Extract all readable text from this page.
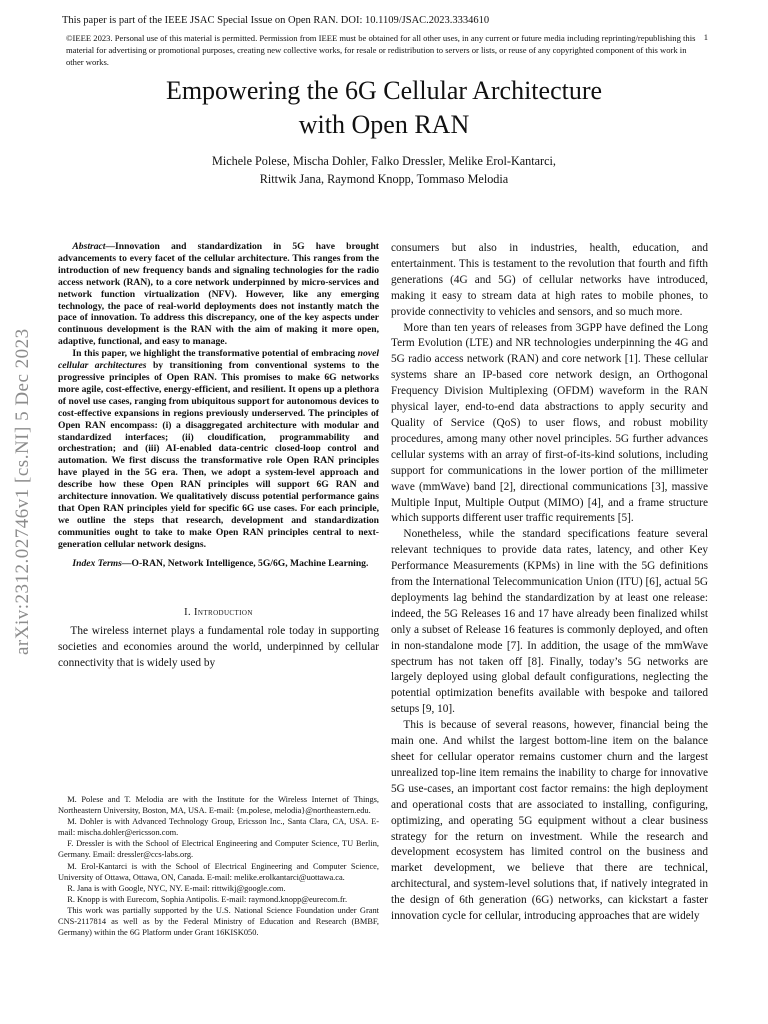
This paper is part of the IEEE JSAC Special Issue on Open RAN. DOI: 10.1109/JSAC.2023.3334610
©IEEE 2023. Personal use of this material is permitted. Permission from IEEE must be obtained for all other uses, in any current or future media including reprinting/republishing this material for advertising or promotional purposes, creating new collective works, for resale or redistribution to servers or lists, or reuse of any copyrighted component of this work in other works.
1
Empowering the 6G Cellular Architecture
with Open RAN
Michele Polese, Mischa Dohler, Falko Dressler, Melike Erol-Kantarci,
Rittwik Jana, Raymond Knopp, Tommaso Melodia
arXiv:2312.02746v1 [cs.NI] 5 Dec 2023

Abstract—Innovation and standardization in 5G have brought advancements to every facet of the cellular architecture. This ranges from the introduction of new frequency bands and signaling technologies for the radio access network (RAN), to a core network underpinned by micro-services and network function virtualization (NFV). However, like any emerging technology, the pace of real-world deployments does not instantly match the pace of innovation. To address this discrepancy, one of the key aspects under continuous development is the RAN with the aim of making it more open, adaptive, functional, and easy to manage.

In this paper, we highlight the transformative potential of embracing novel cellular architectures by transitioning from conventional systems to the progressive principles of Open RAN. This promises to make 6G networks more agile, cost-effective, energy-efficient, and resilient. It opens up a plethora of novel use cases, ranging from ubiquitous support for autonomous devices to cost-effective expansions in regions previously underserved. The principles of Open RAN encompass: (i) a disaggregated architecture with modular and standardized interfaces; (ii) cloudification, programmability and orchestration; and (iii) AI-enabled data-centric closed-loop control and automation. We first discuss the transformative role Open RAN principles have played in the 5G era. Then, we adopt a system-level approach and describe how these Open RAN principles will support 6G RAN and architecture innovation. We qualitatively discuss potential performance gains that Open RAN principles yield for specific 6G use cases. For each principle, we outline the steps that research, development and standardization communities ought to take to make Open RAN principles central to next-generation cellular network designs.

Index Terms—O-RAN, Network Intelligence, 5G/6G, Machine Learning.
I. Introduction

The wireless internet plays a fundamental role today in supporting societies and economies around the world, underpinned by cellular connectivity that is widely used by

M. Polese and T. Melodia are with the Institute for the Wireless Internet of Things, Northeastern University, Boston, MA, USA. E-mail: {m.polese, melodia}@northeastern.edu.

M. Dohler is with Advanced Technology Group, Ericsson Inc., Santa Clara, CA, USA. E-mail: mischa.dohler@ericsson.com.

F. Dressler is with the School of Electrical Engineering and Computer Science, TU Berlin, Germany. Email: dressler@ccs-labs.org.

M. Erol-Kantarci is with the School of Electrical Engineering and Computer Science, University of Ottawa, Ottawa, ON, Canada. E-mail: melike.erolkantarci@uottawa.ca.

R. Jana is with Google, NYC, NY. E-mail: rittwikj@google.com.

R. Knopp is with Eurecom, Sophia Antipolis. E-mail: raymond.knopp@eurecom.fr.

This work was partially supported by the U.S. National Science Foundation under Grant CNS-2117814 as well as by the Federal Ministry of Education and Research (BMBF, Germany) within the 6G Platform under Grant 16KISK050.

consumers but also in industries, health, education, and entertainment. This is testament to the revolution that fourth and fifth generations (4G and 5G) of cellular networks have introduced, making it easy to stream data at high rates to mobile phones, to provide connectivity to vehicles and sensors, and so much more.

More than ten years of releases from 3GPP have defined the Long Term Evolution (LTE) and NR technologies underpinning the 4G and 5G radio access network (RAN) and core network [1]. These cellular systems share an IP-based core network design, an Orthogonal Frequency Division Multiplexing (OFDM) waveform in the RAN physical layer, end-to-end data abstractions to apply security and Quality of Service (QoS) to user flows, and robust mobility procedures, among many other novel principles. 5G further advances cellular systems with an array of first-of-its-kind solutions, including support for communications in the lower portion of the millimeter wave (mmWave) band [2], directional communications [3], massive Multiple Input, Multiple Output (MIMO) [4], and a frame structure which supports different user traffic requirements [5].

Nonetheless, while the standard specifications feature several relevant techniques to provide data rates, latency, and other Key Performance Measurements (KPMs) in line with the 5G definitions from the International Telecommunication Union (ITU) [6], actual 5G deployments lag behind the standardization by at least one release: indeed, the 5G Releases 16 and 17 have already been finalized whilst only a subset of Release 16 features is commonly deployed, and often in non-standalone mode [7]. In addition, the usage of the mmWave spectrum has not taken off [8]. Finally, today’s 5G networks are largely deployed using global default configurations, neglecting the potential optimization benefits available with bespoke and tailored setups [9, 10].

This is because of several reasons, however, financial being the main one. And whilst the largest bottom-line item on the balance sheet for cellular operator remains customer churn and the largest unrealized top-line item remains the inability to charge for innovative 5G use-cases, an important cost factor remains: the high deployment and operational costs that are associated to installing, configuring, optimizing, and operating 5G equipment without a clear business strategy for the return on investment. While the research and development ecosystem has limited control on the business and market development, we believe that there are technical, architectural, and system-level solutions that, if natively integrated in the design of 6th generation (6G) networks, can kickstart a faster innovation cycle for cellular, introducing approaches that are widely
